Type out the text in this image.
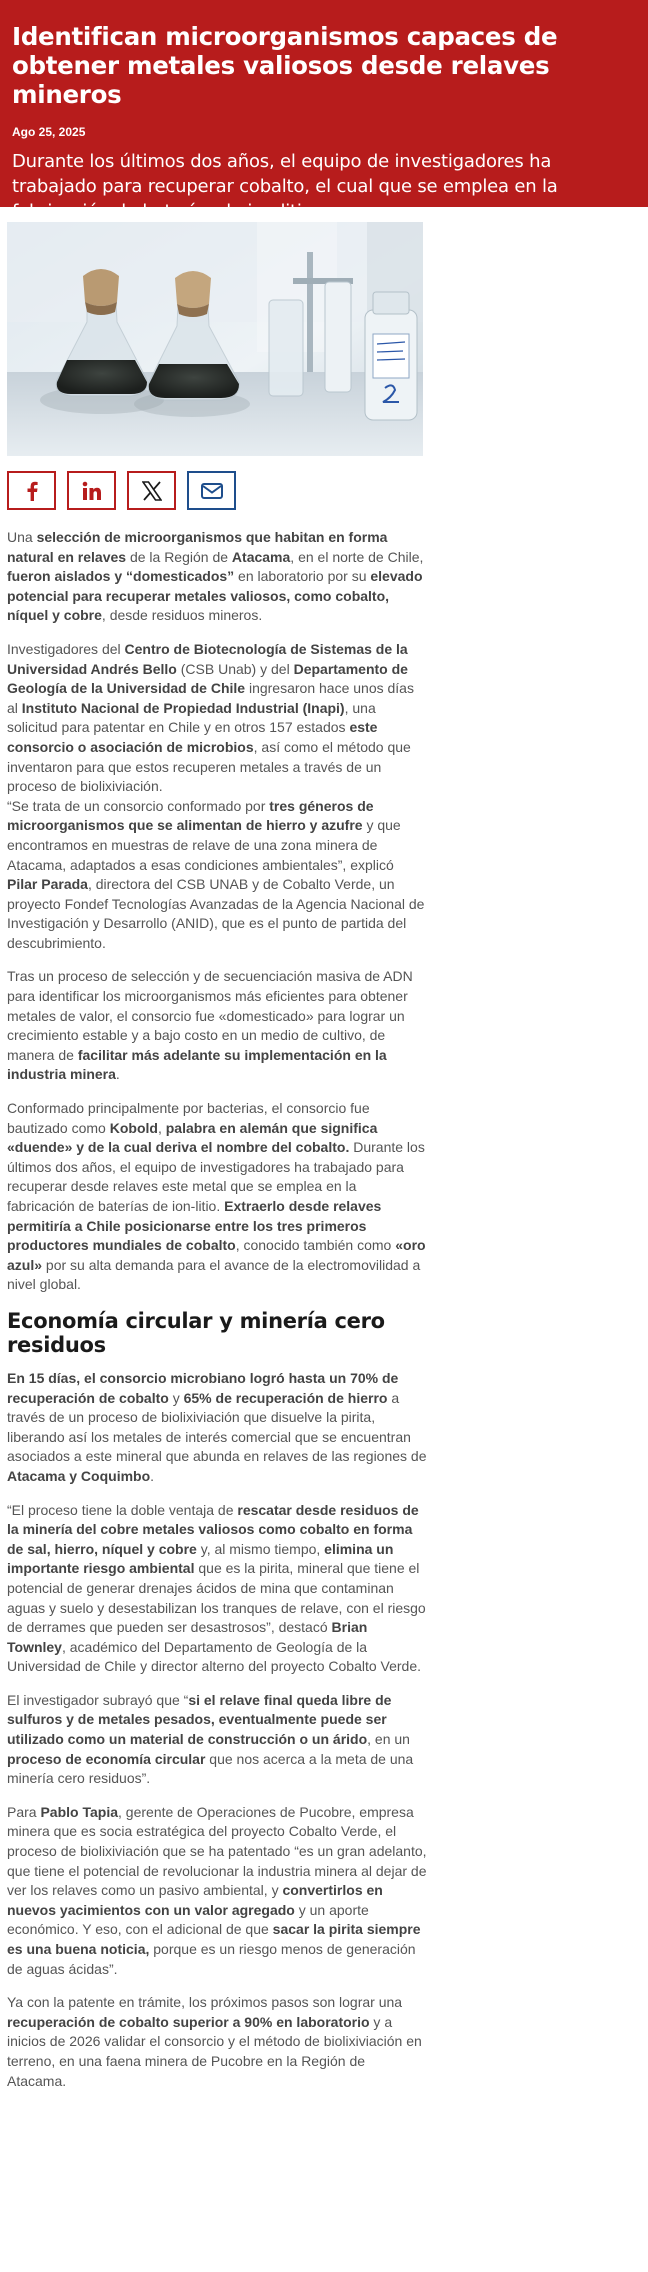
Identifican microorganismos capaces de obtener metales valiosos desde relaves mineros
Ago 25, 2025
Durante los últimos dos años, el equipo de investigadores ha trabajado para recuperar cobalto, el cual que se emplea en la fabricación de baterías de ion-litio.

Una selección de microorganismos que habitan en forma natural en relaves de la Región de Atacama, en el norte de Chile, fueron aislados y “domesticados” en laboratorio por su elevado potencial para recuperar metales valiosos, como cobalto, níquel y cobre, desde residuos mineros.

Investigadores del Centro de Biotecnología de Sistemas de la Universidad Andrés Bello (CSB Unab) y del Departamento de Geología de la Universidad de Chile ingresaron hace unos días al Instituto Nacional de Propiedad Industrial (Inapi), una solicitud para patentar en Chile y en otros 157 estados este consorcio o asociación de microbios, así como el método que inventaron para que estos recuperen metales a través de un proceso de biolixiviación.

“Se trata de un consorcio conformado por tres géneros de microorganismos que se alimentan de hierro y azufre y que encontramos en muestras de relave de una zona minera de Atacama, adaptados a esas condiciones ambientales”, explicó Pilar Parada, directora del CSB UNAB y de Cobalto Verde, un proyecto Fondef Tecnologías Avanzadas de la Agencia Nacional de Investigación y Desarrollo (ANID), que es el punto de partida del descubrimiento.

Tras un proceso de selección y de secuenciación masiva de ADN para identificar los microorganismos más eficientes para obtener metales de valor, el consorcio fue «domesticado» para lograr un crecimiento estable y a bajo costo en un medio de cultivo, de manera de facilitar más adelante su implementación en la industria minera.

Conformado principalmente por bacterias, el consorcio fue bautizado como Kobold, palabra en alemán que significa «duende» y de la cual deriva el nombre del cobalto. Durante los últimos dos años, el equipo de investigadores ha trabajado para recuperar desde relaves este metal que se emplea en la fabricación de baterías de ion-litio. Extraerlo desde relaves permitiría a Chile posicionarse entre los tres primeros productores mundiales de cobalto, conocido también como «oro azul» por su alta demanda para el avance de la electromovilidad a nivel global.

Economía circular y minería cero residuos

En 15 días, el consorcio microbiano logró hasta un 70% de recuperación de cobalto y 65% de recuperación de hierro a través de un proceso de biolixiviación que disuelve la pirita, liberando así los metales de interés comercial que se encuentran asociados a este mineral que abunda en relaves de las regiones de Atacama y Coquimbo.

“El proceso tiene la doble ventaja de rescatar desde residuos de la minería del cobre metales valiosos como cobalto en forma de sal, hierro, níquel y cobre y, al mismo tiempo, elimina un importante riesgo ambiental que es la pirita, mineral que tiene el potencial de generar drenajes ácidos de mina que contaminan aguas y suelo y desestabilizan los tranques de relave, con el riesgo de derrames que pueden ser desastrosos”, destacó Brian Townley, académico del Departamento de Geología de la Universidad de Chile y director alterno del proyecto Cobalto Verde.

El investigador subrayó que “si el relave final queda libre de sulfuros y de metales pesados, eventualmente puede ser utilizado como un material de construcción o un árido, en un proceso de economía circular que nos acerca a la meta de una minería cero residuos”.

Para Pablo Tapia, gerente de Operaciones de Pucobre, empresa minera que es socia estratégica del proyecto Cobalto Verde, el proceso de biolixiviación que se ha patentado “es un gran adelanto, que tiene el potencial de revolucionar la industria minera al dejar de ver los relaves como un pasivo ambiental, y convertirlos en nuevos yacimientos con un valor agregado y un aporte económico. Y eso, con el adicional de que sacar la pirita siempre es una buena noticia, porque es un riesgo menos de generación de aguas ácidas”.

Ya con la patente en trámite, los próximos pasos son lograr una recuperación de cobalto superior a 90% en laboratorio y a inicios de 2026 validar el consorcio y el método de biolixiviación en terreno, en una faena minera de Pucobre en la Región de Atacama.
